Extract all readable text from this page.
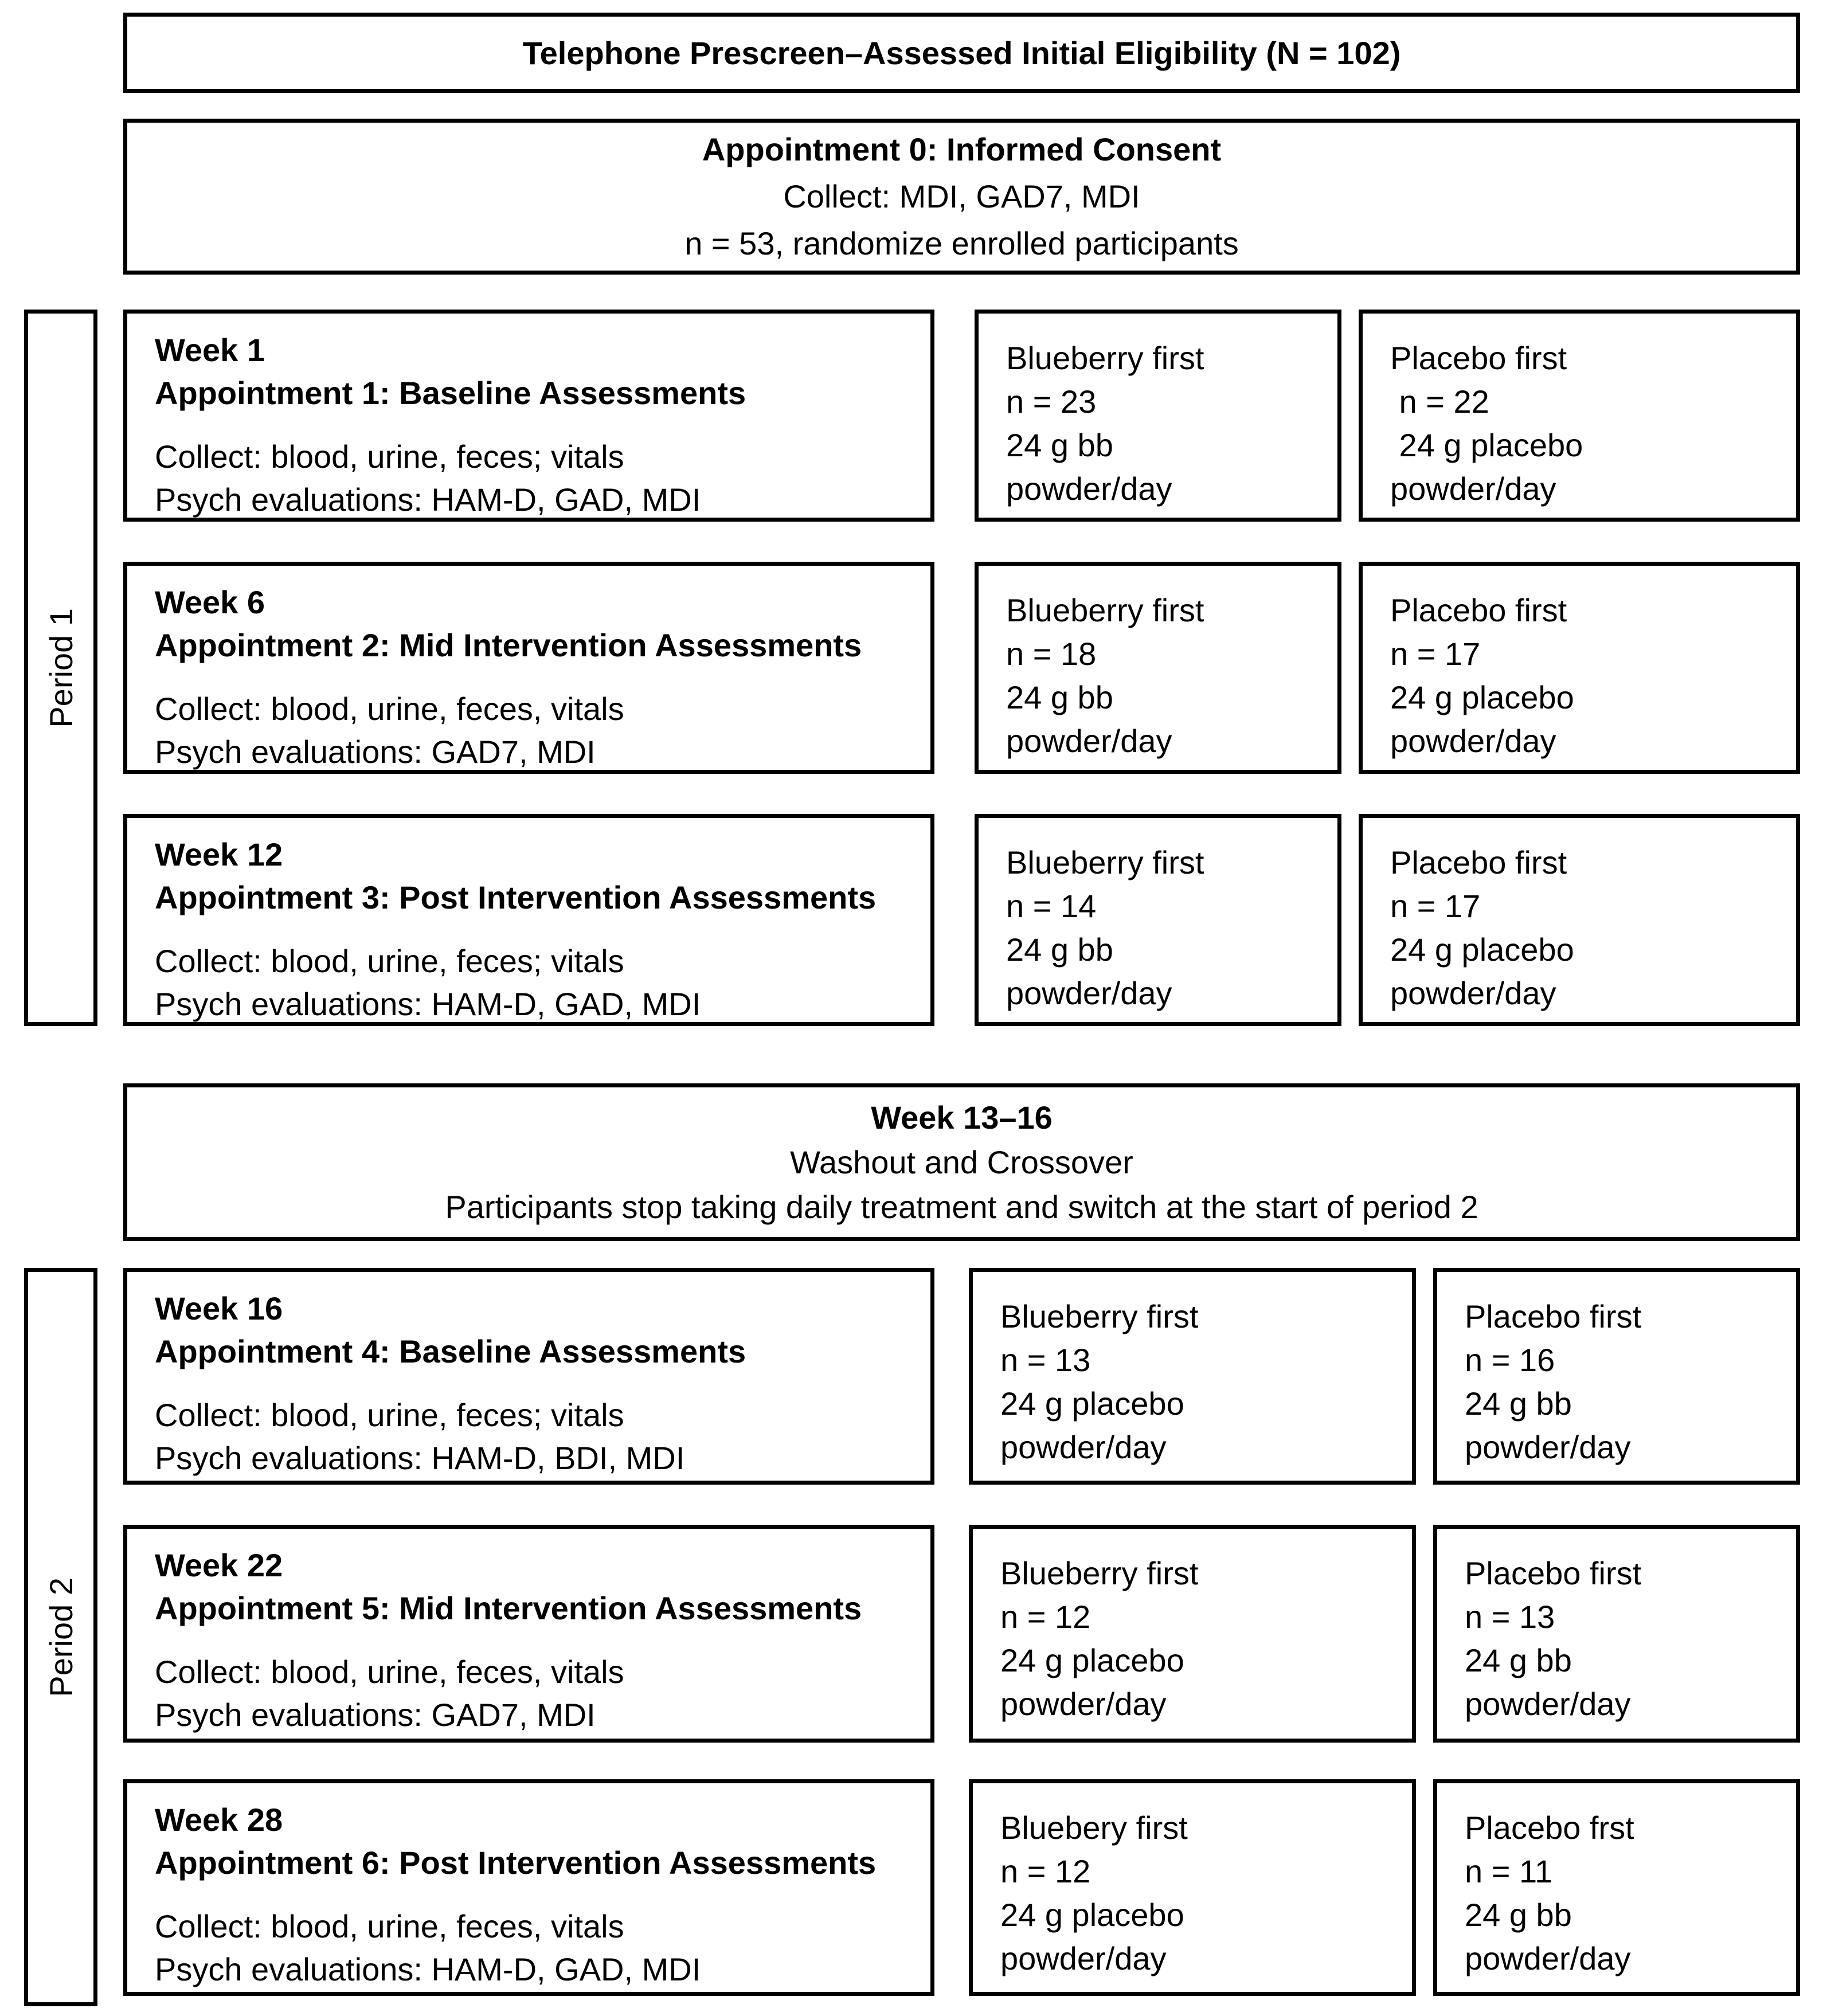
Telephone Prescreen–Assessed Initial Eligibility (N = 102)
Appointment 0: Informed Consent
Collect: MDI, GAD7, MDI
n = 53, randomize enrolled participants
Period 1
Week 1
Appointment 1: Baseline Assessments
Collect: blood, urine, feces; vitals
Psych evaluations: HAM-D, GAD, MDI
Blueberry first
n = 23
24 g bb
powder/day
Placebo first
n = 22
24 g placebo
powder/day
Week 6
Appointment 2: Mid Intervention Assessments
Collect: blood, urine, feces, vitals
Psych evaluations: GAD7, MDI
Blueberry first
n = 18
24 g bb
powder/day
Placebo first
n = 17
24 g placebo
powder/day
Week 12
Appointment 3: Post Intervention Assessments
Collect: blood, urine, feces; vitals
Psych evaluations: HAM-D, GAD, MDI
Blueberry first
n = 14
24 g bb
powder/day
Placebo first
n = 17
24 g placebo
powder/day
Week 13–16
Washout and Crossover
Participants stop taking daily treatment and switch at the start of period 2
Period 2
Week 16
Appointment 4: Baseline Assessments
Collect: blood, urine, feces; vitals
Psych evaluations: HAM-D, BDI, MDI
Blueberry first
n = 13
24 g placebo
powder/day
Placebo first
n = 16
24 g bb
powder/day
Week 22
Appointment 5: Mid Intervention Assessments
Collect: blood, urine, feces, vitals
Psych evaluations: GAD7, MDI
Blueberry first
n = 12
24 g placebo
powder/day
Placebo first
n = 13
24 g bb
powder/day
Week 28
Appointment 6: Post Intervention Assessments
Collect: blood, urine, feces, vitals
Psych evaluations: HAM-D, GAD, MDI
Bluebery first
n = 12
24 g placebo
powder/day
Placebo frst
n = 11
24 g bb
powder/day
